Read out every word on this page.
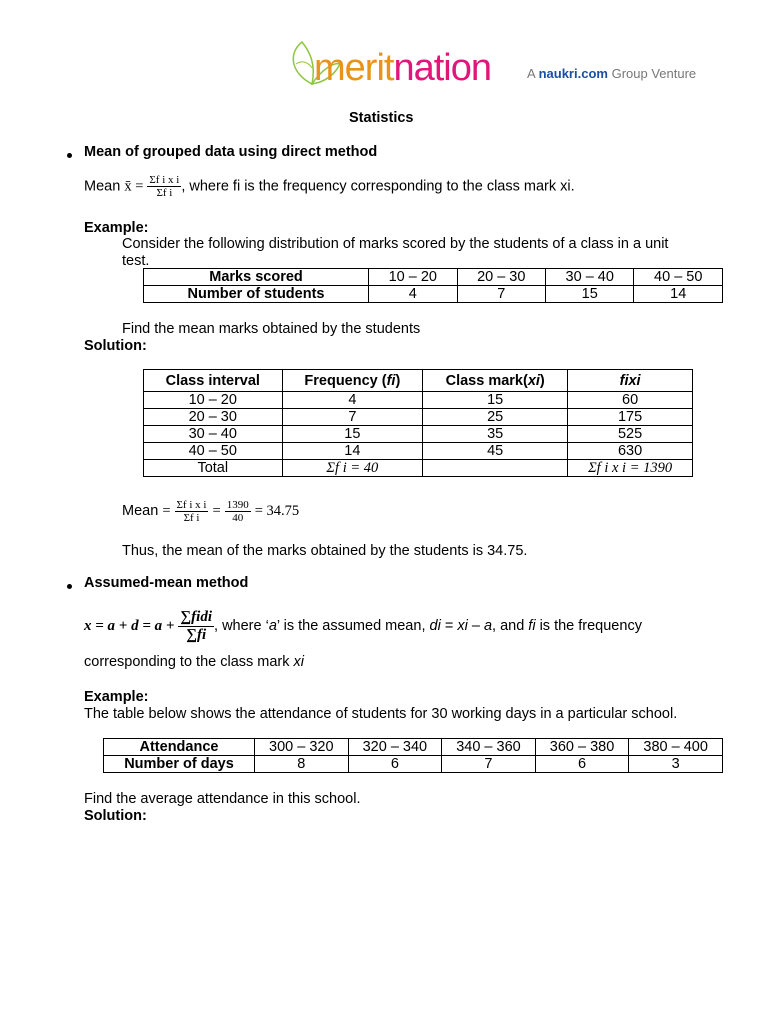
meritnation	A naukri.com Group Venture
Statistics
Mean of grouped data using direct method
Mean x̄ = $\frac{\text{Σf i x i}}{\text{Σf i}}$ , where fi is the frequency corresponding to the class mark xi.
Example:
Consider the following distribution of marks scored by the students of a class in a unit
test.
Marks scored	10 – 20	20 – 30	30 – 40	40 – 50
Number of students	4	7	15	14
Find the mean marks obtained by the students
Solution:
Class interval	Frequency (fi)	Class mark(xi)	fixi
10 – 20	4	15	60
20 – 30	7	25	175
30 – 40	15	35	525
40 – 50	14	45	630
Total	Σf i = 40		Σf i x i = 1390
Mean = $\frac{\text{Σf i x i}}{\text{Σf i}} = \frac{1390}{40} = 34.75$
Thus, the mean of the marks obtained by the students is 34.75.
Assumed-mean method
$x = a + d = a + \frac{\text{∑fidi}}{\sum fi}$ , where ‘a’ is the assumed mean, di = xi – a, and fi is the frequency
corresponding to the class mark xi
Example:
The table below shows the attendance of students for 30 working days in a particular school.
Attendance	300 – 320	320 – 340	340 – 360	360 – 380	380 – 400
Number of days	8	6	7	6	3
Find the average attendance in this school.
Solution:
